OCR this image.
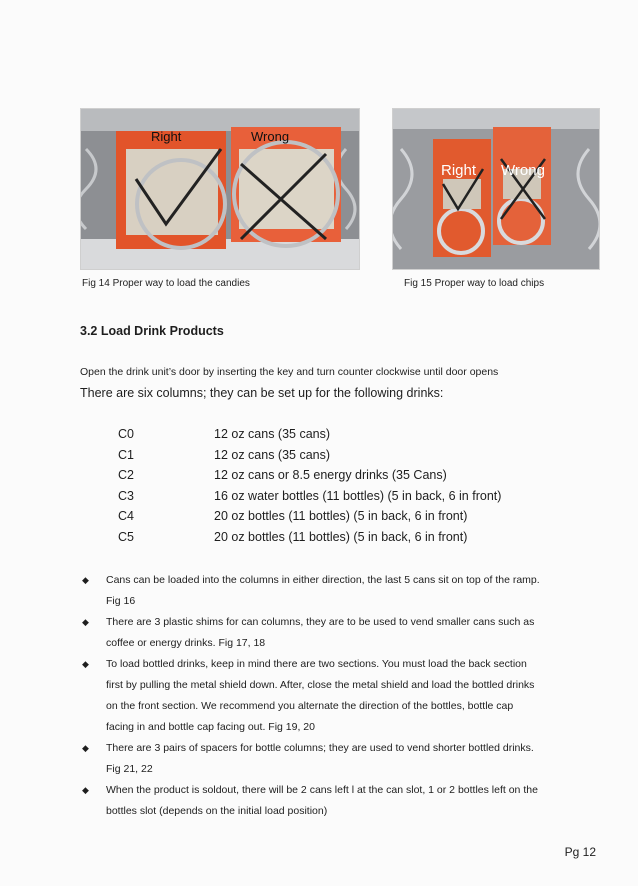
Right	Wrong
Fig 14 Proper way to load the candies
Right Wrong
Fig 15 Proper way to load chips
3.2 Load Drink Products
Open the drink unit’s door by inserting the key and turn counter clockwise until door opens
There are six columns; they can be set up for the following drinks:
C0	12 oz cans (35 cans)
C1	12 oz cans (35 cans)
C2	12 oz cans or 8.5 energy drinks (35 Cans)
C3	16 oz water bottles (11 bottles) (5 in back, 6 in front)
C4	20 oz bottles (11 bottles) (5 in back, 6 in front)
C5	20 oz bottles (11 bottles) (5 in back, 6 in front)
◆	Cans can be loaded into the columns in either direction, the last 5 cans sit on top of the ramp.
Fig 16
◆	There are 3 plastic shims for can columns, they are to be used to vend smaller cans such as
coffee or energy drinks. Fig 17, 18
◆	To load bottled drinks, keep in mind there are two sections. You must load the back section
first by pulling the metal shield down. After, close the metal shield and load the bottled drinks
on the front section. We recommend you alternate the direction of the bottles, bottle cap
facing in and bottle cap facing out. Fig 19, 20
◆	There are 3 pairs of spacers for bottle columns; they are used to vend shorter bottled drinks.
Fig 21, 22
◆	When the product is soldout, there will be 2 cans left l at the can slot, 1 or 2 bottles left on the
bottles slot (depends on the initial load position)
Pg 12
